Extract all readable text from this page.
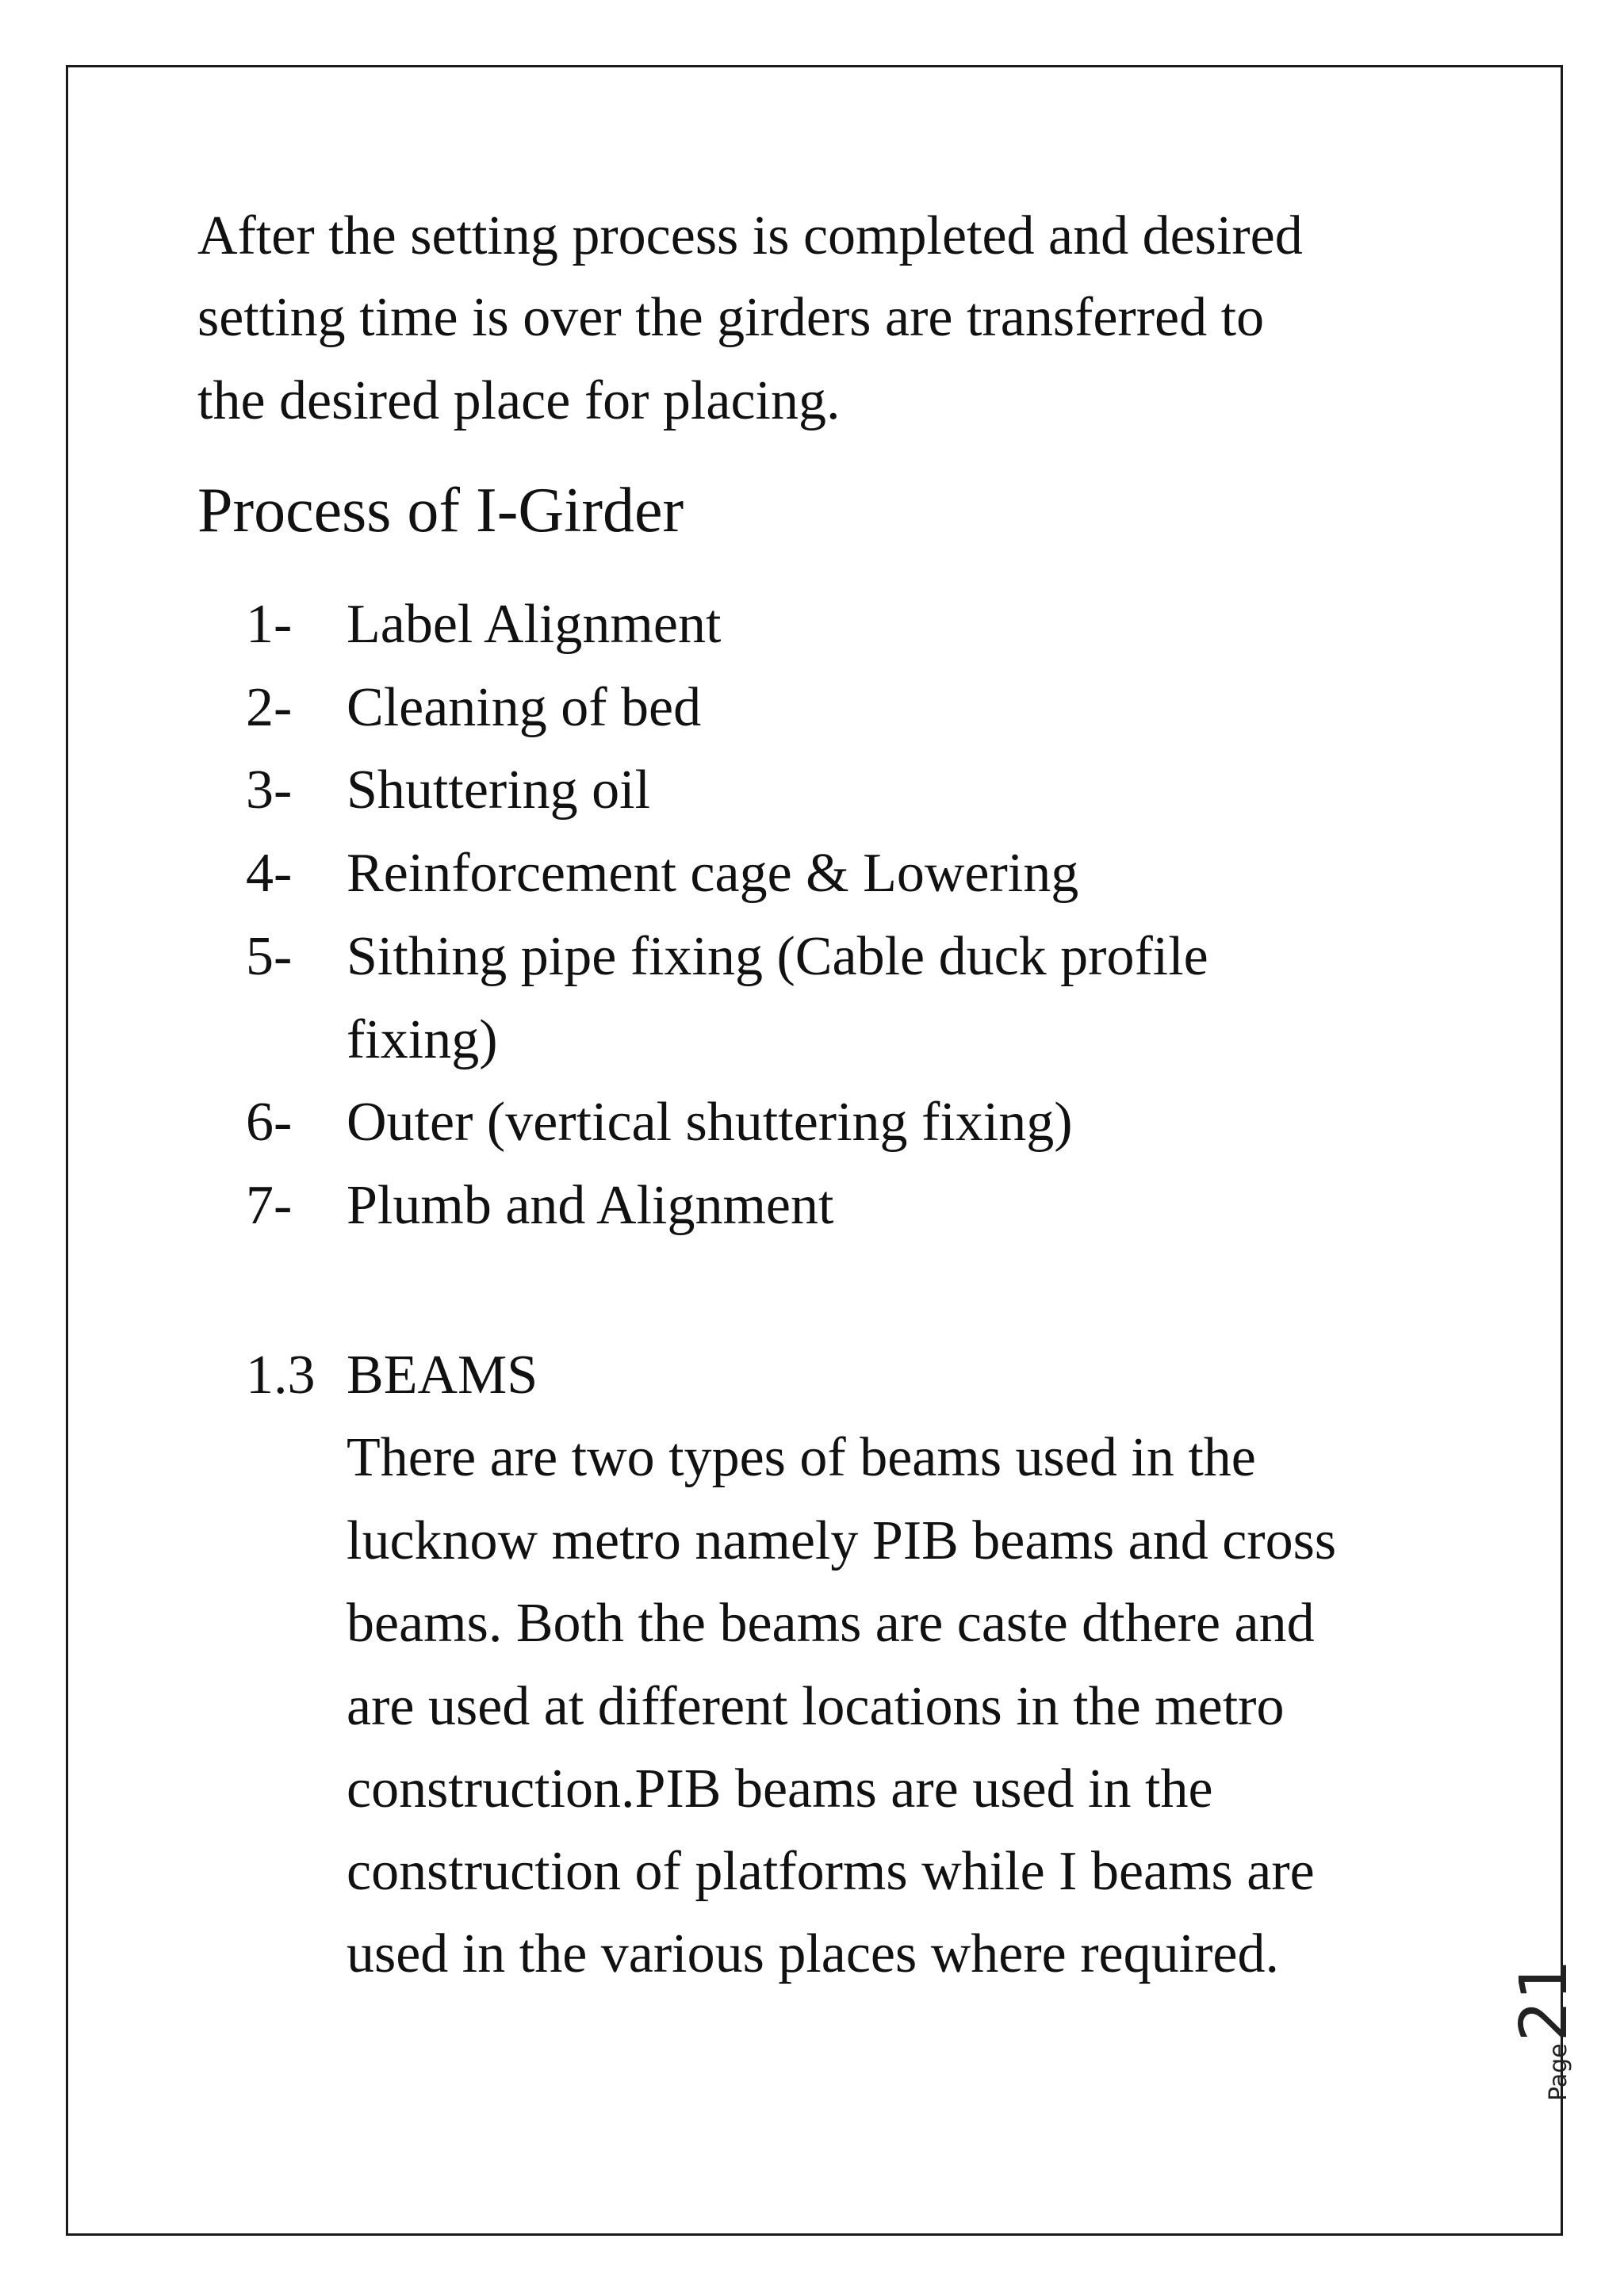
After the setting process is completed and desired
setting time is over the girders are transferred to
the desired place for placing.
Process of I-Girder
1- Label Alignment
2- Cleaning of bed
3- Shuttering oil
4- Reinforcement cage & Lowering
5- Sithing pipe fixing (Cable duck profile
fixing)
6- Outer (vertical shuttering fixing)
7- Plumb and Alignment
1.3 BEAMS
There are two types of beams used in the
lucknow metro namely PIB beams and cross
beams. Both the beams are caste dthere and
are used at different locations in the metro
construction.PIB beams are used in the
construction of platforms while I beams are
used in the various places where required.
Page21
